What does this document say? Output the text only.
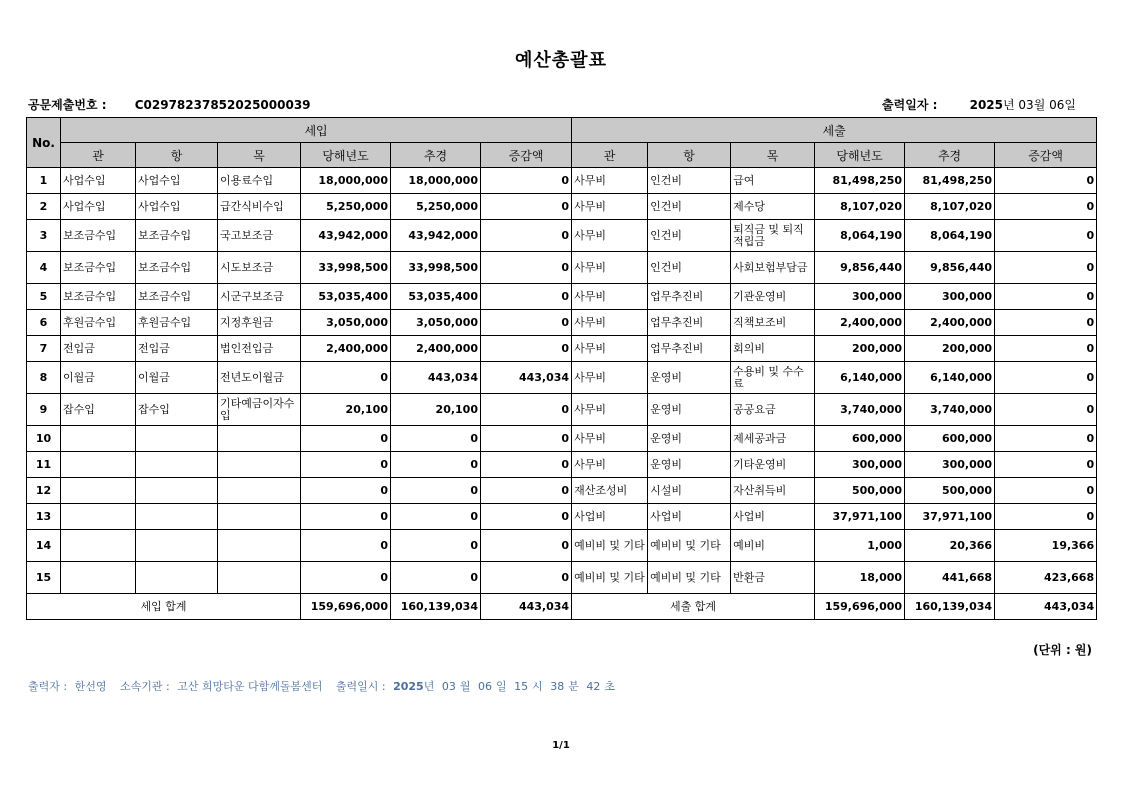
예산총괄표
공문제출번호 : C02978237852025000039	출력일자 :	2025년 03월 06일
No.	세입						세출					
	관	항	목	당해년도	추경	증감액	관	항	목	당해년도	추경	증감액
1	사업수입	사업수입	이용료수입	18,000,000	18,000,000	0	사무비	인건비	급여	81,498,250	81,498,250	0
2	사업수입	사업수입	급간식비수입	5,250,000	5,250,000	0	사무비	인건비	제수당	8,107,020	8,107,020	0
3	보조금수입	보조금수입	국고보조금	43,942,000	43,942,000	0	사무비	인건비	퇴직금 및 퇴직적립금	8,064,190	8,064,190	0
4	보조금수입	보조금수입	시도보조금	33,998,500	33,998,500	0	사무비	인건비	사회보험부담금	9,856,440	9,856,440	0
5	보조금수입	보조금수입	시군구보조금	53,035,400	53,035,400	0	사무비	업무추진비	기관운영비	300,000	300,000	0
6	후원금수입	후원금수입	지정후원금	3,050,000	3,050,000	0	사무비	업무추진비	직책보조비	2,400,000	2,400,000	0
7	전입금	전입금	법인전입금	2,400,000	2,400,000	0	사무비	업무추진비	회의비	200,000	200,000	0
8	이월금	이월금	전년도이월금	0	443,034	443,034	사무비	운영비	수용비 및 수수료	6,140,000	6,140,000	0
9	잡수입	잡수입	기타예금이자수입	20,100	20,100	0	사무비	운영비	공공요금	3,740,000	3,740,000	0
10				0	0	0	사무비	운영비	제세공과금	600,000	600,000	0
11				0	0	0	사무비	운영비	기타운영비	300,000	300,000	0
12				0	0	0	재산조성비	시설비	자산취득비	500,000	500,000	0
13				0	0	0	사업비	사업비	사업비	37,971,100	37,971,100	0
14				0	0	0	예비비 및 기타	예비비 및 기타	예비비	1,000	20,366	19,366
15				0	0	0	예비비 및 기타	예비비 및 기타	반환금	18,000	441,668	423,668
세입 합계				159,696,000	160,139,034	443,034	세출 합계			159,696,000	160,139,034	443,034
(단위 : 원)
출력자 : 한선영 소속기관 : 고산 희망타운 다함께돌봄센터 출력일시 : 2025년 03 월 06 일 15 시 38 분 42 초
1/1
